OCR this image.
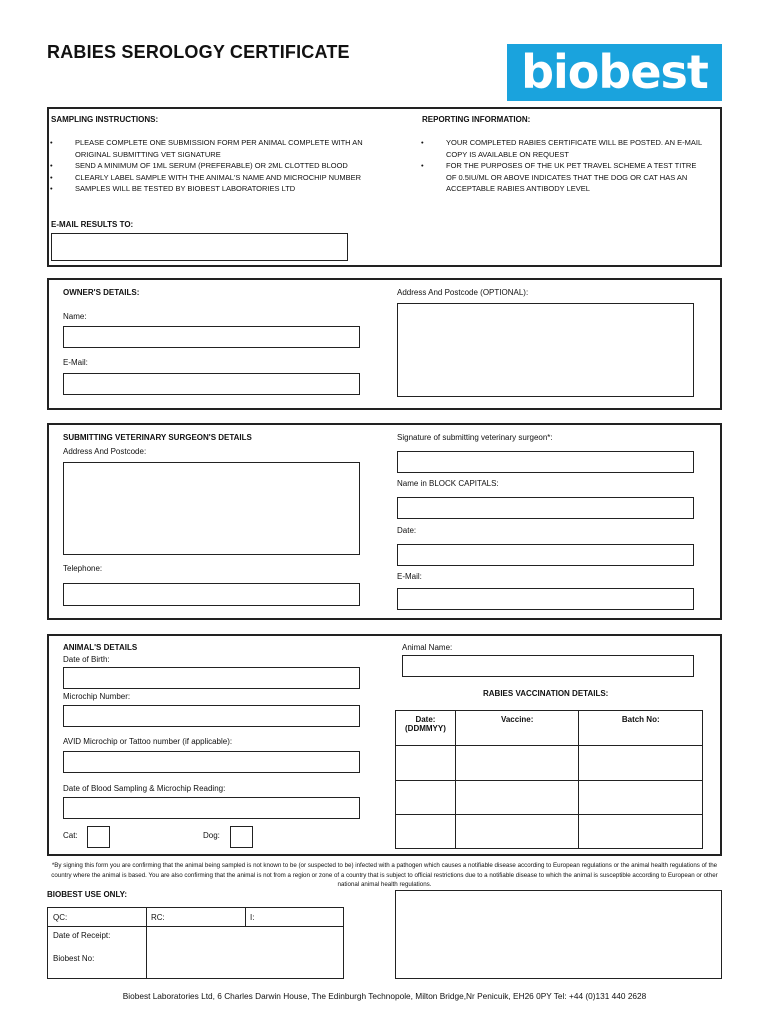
RABIES SEROLOGY CERTIFICATE	biobest
SAMPLING INSTRUCTIONS:
• PLEASE COMPLETE ONE SUBMISSION FORM PER ANIMAL COMPLETE WITH AN ORIGINAL SUBMITTING VET SIGNATURE
• SEND A MINIMUM OF 1ML SERUM (PREFERABLE) OR 2ML CLOTTED BLOOD
• CLEARLY LABEL SAMPLE WITH THE ANIMAL'S NAME AND MICROCHIP NUMBER
• SAMPLES WILL BE TESTED BY BIOBEST LABORATORIES LTD
REPORTING INFORMATION:
• YOUR COMPLETED RABIES CERTIFICATE WILL BE POSTED. AN E-MAIL COPY IS AVAILABLE ON REQUEST
• FOR THE PURPOSES OF THE UK PET TRAVEL SCHEME A TEST TITRE OF 0.5IU/ML OR ABOVE INDICATES THAT THE DOG OR CAT HAS AN ACCEPTABLE RABIES ANTIBODY LEVEL
E-MAIL RESULTS TO:
OWNER'S DETAILS:	Address And Postcode (OPTIONAL):
Name:
E-Mail:
SUBMITTING VETERINARY SURGEON'S DETAILS
Address And Postcode:
Telephone:
Signature of submitting veterinary surgeon*:
Name in BLOCK CAPITALS:
Date:
E-Mail:
ANIMAL'S DETAILS
Date of Birth:
Animal Name:
Microchip Number:	RABIES VACCINATION DETAILS:
Date:
(DDMMYY)	Vaccine:	Batch No:

AVID Microchip or Tattoo number (if applicable):
Date of Blood Sampling & Microchip Reading:
Cat:	Dog:
*By signing this form you are confirming that the animal being sampled is not known to be (or suspected to be) infected with a pathogen which causes a notifiable disease according to European regulations or the animal health regulations of the country where the animal is based. You are also confirming that the animal is not from a region or zone of a country that is subject to official restrictions due to a notifiable disease to which the animal is susceptible according to European or other national animal health regulations.
BIOBEST USE ONLY:
QC:	RC:	I:
Date of Receipt:
Biobest No:
Biobest Laboratories Ltd, 6 Charles Darwin House, The Edinburgh Technopole, Milton Bridge,Nr Penicuik, EH26 0PY Tel: +44 (0)131 440 2628
